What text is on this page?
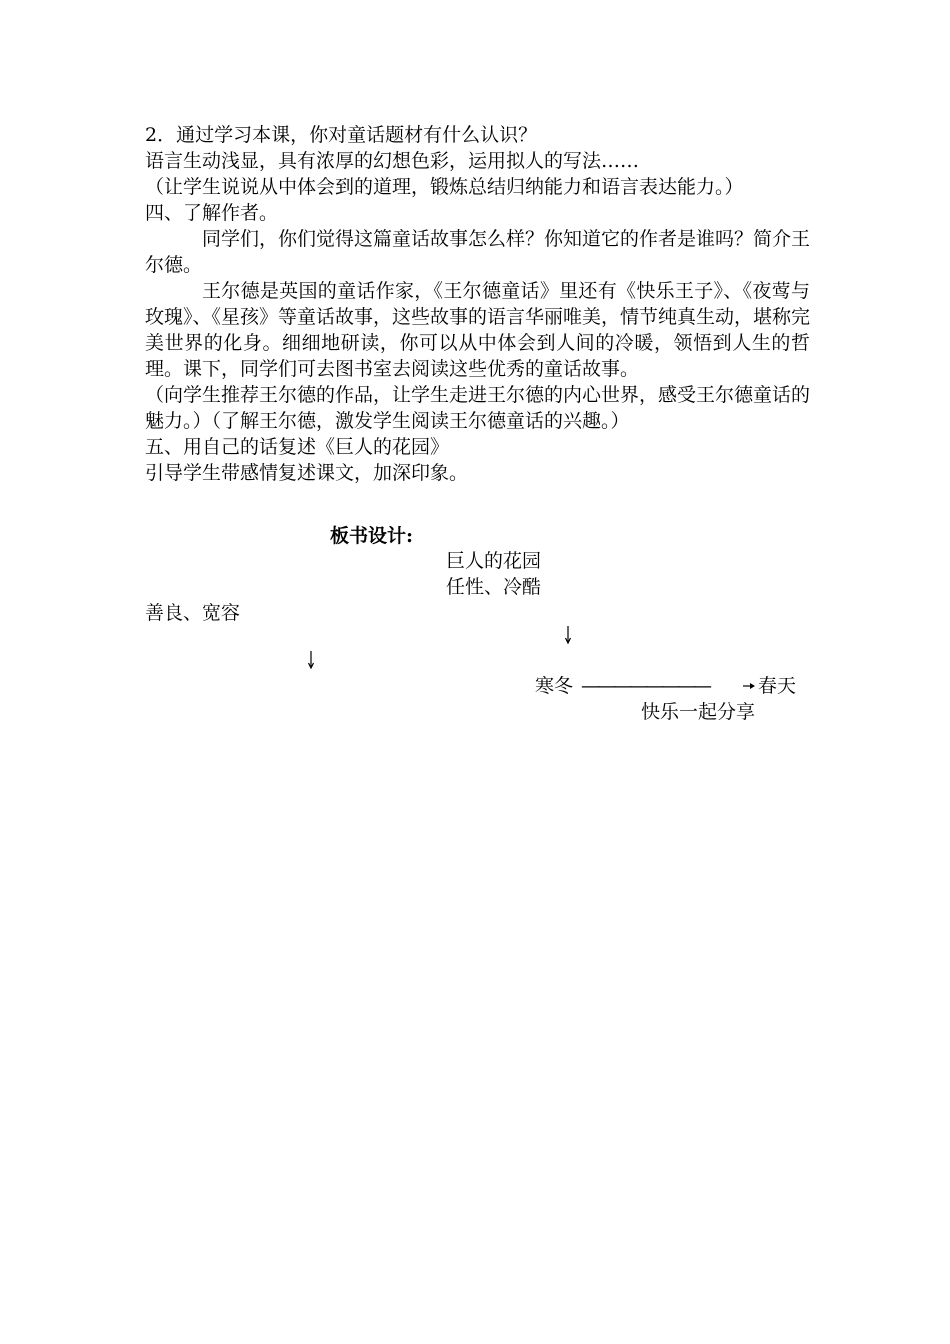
2．通过学习本课，你对童话题材有什么认识？

语言生动浅显，具有浓厚的幻想色彩，运用拟人的写法……

（让学生说说从中体会到的道理，锻炼总结归纳能力和语言表达能力。）

四、了解作者。

同学们，你们觉得这篇童话故事怎么样？你知道它的作者是谁吗？简介王尔德。

王尔德是英国的童话作家，《王尔德童话》里还有《快乐王子》、《夜莺与玫瑰》、《星孩》等童话故事，这些故事的语言华丽唯美，情节纯真生动，堪称完美世界的化身。细细地研读，你可以从中体会到人间的冷暖，领悟到人生的哲理。课下，同学们可去图书室去阅读这些优秀的童话故事。

（向学生推荐王尔德的作品，让学生走进王尔德的内心世界，感受王尔德童话的魅力。）（了解王尔德，激发学生阅读王尔德童话的兴趣。）

五、用自己的话复述《巨人的花园》

引导学生带感情复述课文，加深印象。

板书设计:
巨人的花园
任性、冷酷
善良、宽容
寒冬 ————————	春天
快乐一起分享
